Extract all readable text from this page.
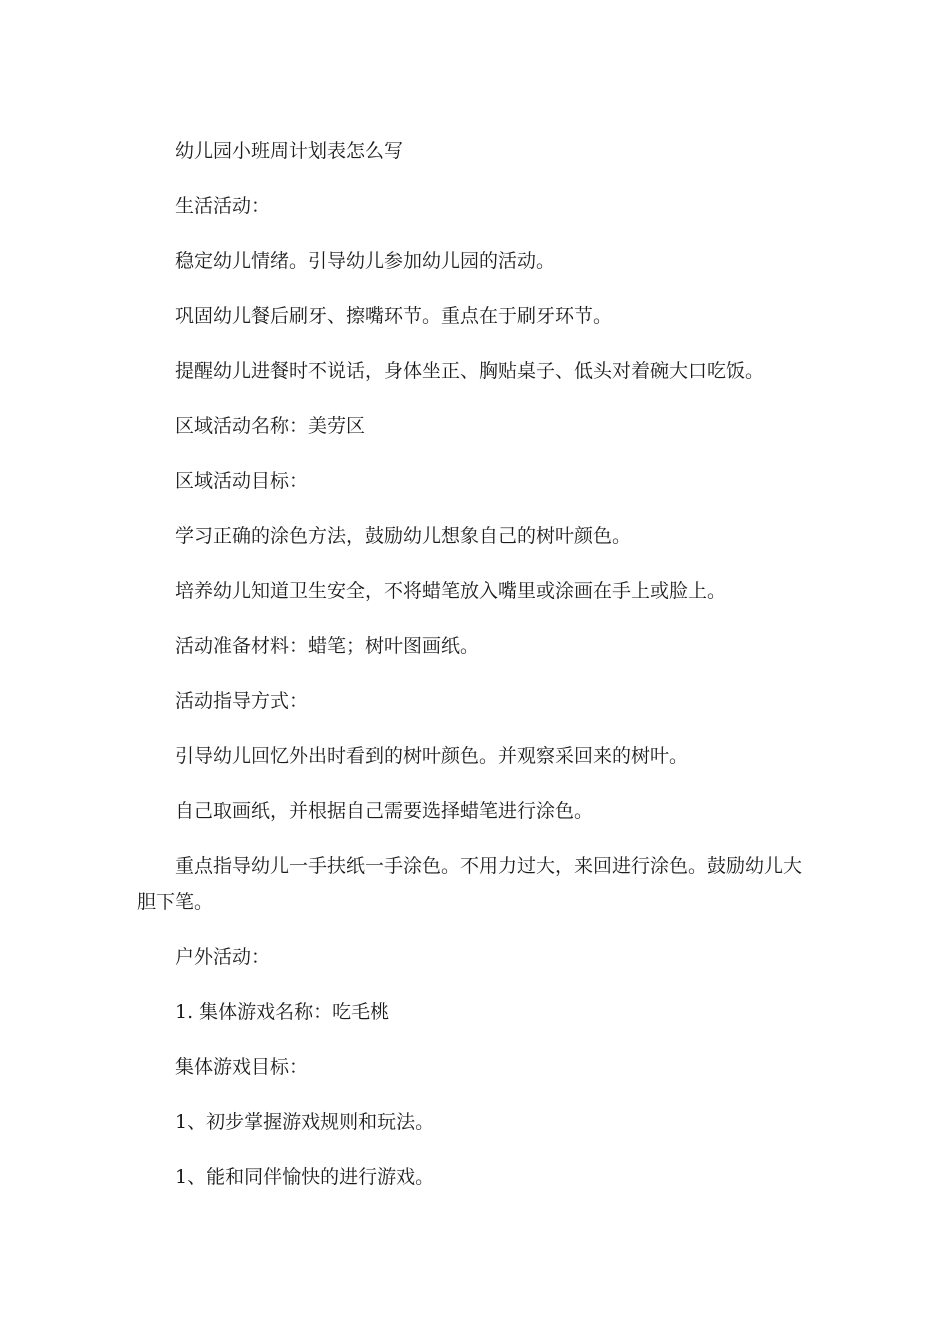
幼儿园小班周计划表怎么写

生活活动：

稳定幼儿情绪。引导幼儿参加幼儿园的活动。

巩固幼儿餐后刷牙、擦嘴环节。重点在于刷牙环节。

提醒幼儿进餐时不说话，身体坐正、胸贴桌子、低头对着碗大口吃饭。

区域活动名称：美劳区

区域活动目标：

学习正确的涂色方法，鼓励幼儿想象自己的树叶颜色。

培养幼儿知道卫生安全，不将蜡笔放入嘴里或涂画在手上或脸上。

活动准备材料：蜡笔；树叶图画纸。

活动指导方式：

引导幼儿回忆外出时看到的树叶颜色。并观察采回来的树叶。

自己取画纸，并根据自己需要选择蜡笔进行涂色。

重点指导幼儿一手扶纸一手涂色。不用力过大，来回进行涂色。鼓励幼儿大胆下笔。

户外活动：

1. 集体游戏名称：吃毛桃

集体游戏目标：

1、初步掌握游戏规则和玩法。

1、能和同伴愉快的进行游戏。
